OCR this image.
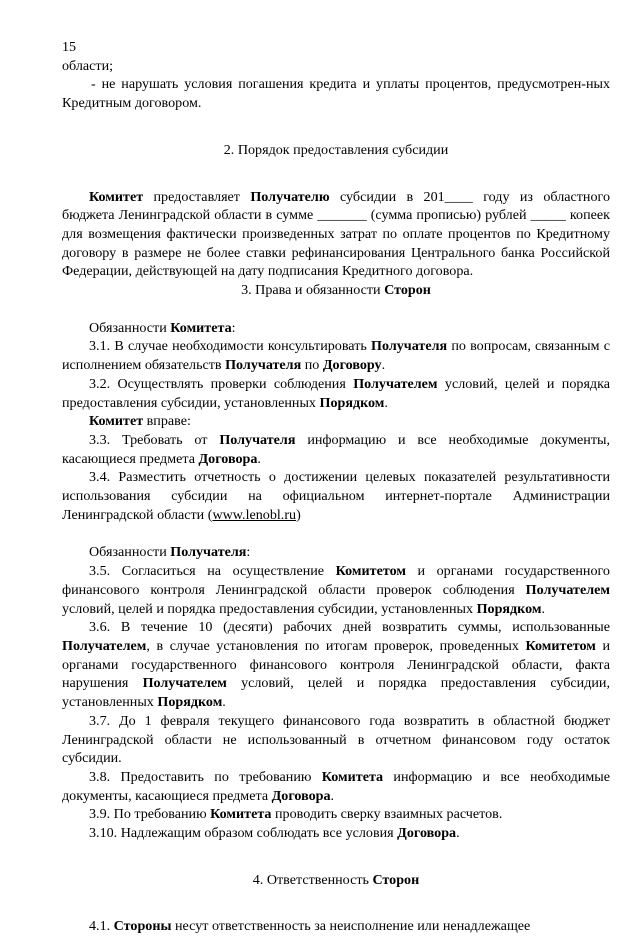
15

области;

- не нарушать условия погашения кредита и уплаты процентов, предусмотрен-ных Кредитным договором.

2. Порядок предоставления субсидии

Комитет предоставляет Получателю субсидии в 201____ году из областного бюджета Ленинградской области в сумме _______ (сумма прописью) рублей _____ копеек для возмещения фактически произведенных затрат по оплате процентов по Кредитному договору в размере не более ставки рефинансирования Центрального банка Российской Федерации, действующей на дату подписания Кредитного договора.

3. Права и обязанности Сторон

Обязанности Комитета:

3.1. В случае необходимости консультировать Получателя по вопросам, связанным с исполнением обязательств Получателя по Договору.

3.2. Осуществлять проверки соблюдения Получателем условий, целей и порядка предоставления субсидии, установленных Порядком.

Комитет вправе:

3.3. Требовать от Получателя информацию и все необходимые документы, касающиеся предмета Договора.

3.4. Разместить отчетность о достижении целевых показателей результативности использования субсидии на официальном интернет-портале Администрации Ленинградской области (www.lenobl.ru)

Обязанности Получателя:

3.5. Согласиться на осуществление Комитетом и органами государственного финансового контроля Ленинградской области проверок соблюдения Получателем условий, целей и порядка предоставления субсидии, установленных Порядком.

3.6. В течение 10 (десяти) рабочих дней возвратить суммы, использованные Получателем, в случае установления по итогам проверок, проведенных Комитетом и органами государственного финансового контроля Ленинградской области, факта нарушения Получателем условий, целей и порядка предоставления субсидии, установленных Порядком.

3.7. До 1 февраля текущего финансового года возвратить в областной бюджет Ленинградской области не использованный в отчетном финансовом году остаток субсидии.

3.8. Предоставить по требованию Комитета информацию и все необходимые документы, касающиеся предмета Договора.

3.9. По требованию Комитета проводить сверку взаимных расчетов.

3.10. Надлежащим образом соблюдать все условия Договора.

4. Ответственность Сторон

4.1. Стороны несут ответственность за неисполнение или ненадлежащее
